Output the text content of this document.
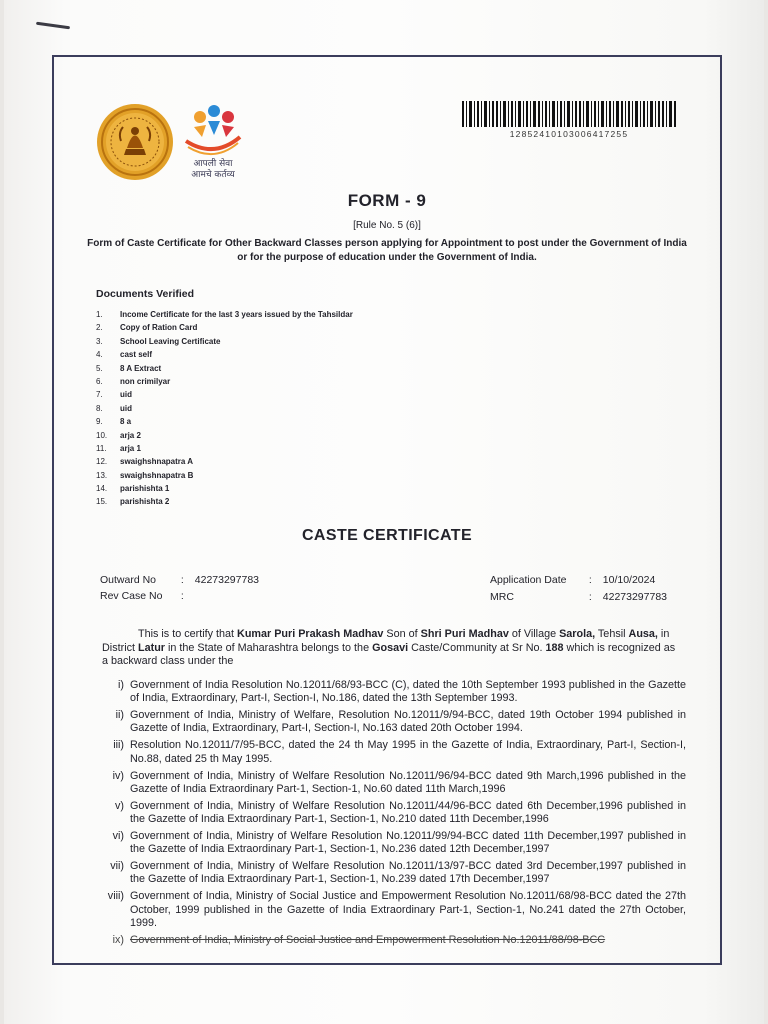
आपली सेवा
आमचे कर्तव्य
12852410103006417255
FORM - 9
[Rule No. 5 (6)]
Form of Caste Certificate for Other Backward Classes person applying for Appointment to post under the Government of India or for the purpose of education under the Government of India.
Documents Verified
1.	Income Certificate for the last 3 years issued by the Tahsildar
2.	Copy of Ration Card
3.	School Leaving Certificate
4.	cast self
5.	8 A Extract
6.	non crimilyar
7.	uid
8.	uid
9.	8 a
10.	arja 2
11.	arja 1
12.	swaighshnapatra A
13.	swaighshnapatra B
14.	parishishta 1
15.	parishishta 2
CASTE CERTIFICATE
Outward No : 42273297783
Rev Case No :
Application Date : 10/10/2024
MRC	: 42273297783

This is to certify that Kumar Puri Prakash Madhav Son of Shri Puri Madhav of Village Sarola, Tehsil Ausa, in District Latur in the State of Maharashtra belongs to the Gosavi Caste/Community at Sr No. 188 which is recognized as a backward class under the

i) Government of India Resolution No.12011/68/93-BCC (C), dated the 10th September 1993 published in the Gazette of India, Extraordinary, Part-I, Section-I, No.186, dated the 13th September 1993.
ii) Government of India, Ministry of Welfare, Resolution No.12011/9/94-BCC, dated 19th October 1994 published in Gazette of India, Extraordinary, Part-I, Section-I, No.163 dated 20th October 1994.
iii) Resolution No.12011/7/95-BCC, dated the 24 th May 1995 in the Gazette of India, Extraordinary, Part-I, Section-I, No.88, dated 25 th May 1995.
iv) Government of India, Ministry of Welfare Resolution No.12011/96/94-BCC dated 9th March,1996 published in the Gazette of India Extraordinary Part-1, Section-1, No.60 dated 11th March,1996
v) Government of India, Ministry of Welfare Resolution No.12011/44/96-BCC dated 6th December,1996 published in the Gazette of India Extraordinary Part-1, Section-1, No.210 dated 11th December,1996
vi) Government of India, Ministry of Welfare Resolution No.12011/99/94-BCC dated 11th December,1997 published in the Gazette of India Extraordinary Part-1, Section-1, No.236 dated 12th December,1997
vii) Government of India, Ministry of Welfare Resolution No.12011/13/97-BCC dated 3rd December,1997 published in the Gazette of India Extraordinary Part-1, Section-1, No.239 dated 17th December,1997
viii) Government of India, Ministry of Social Justice and Empowerment Resolution No.12011/68/98-BCC dated the 27th October, 1999 published in the Gazette of India Extraordinary Part-1, Section-1, No.241 dated the 27th October, 1999.
ix) Government of India, Ministry of Social Justice and Empowerment Resolution No.12011/88/98-BCC
